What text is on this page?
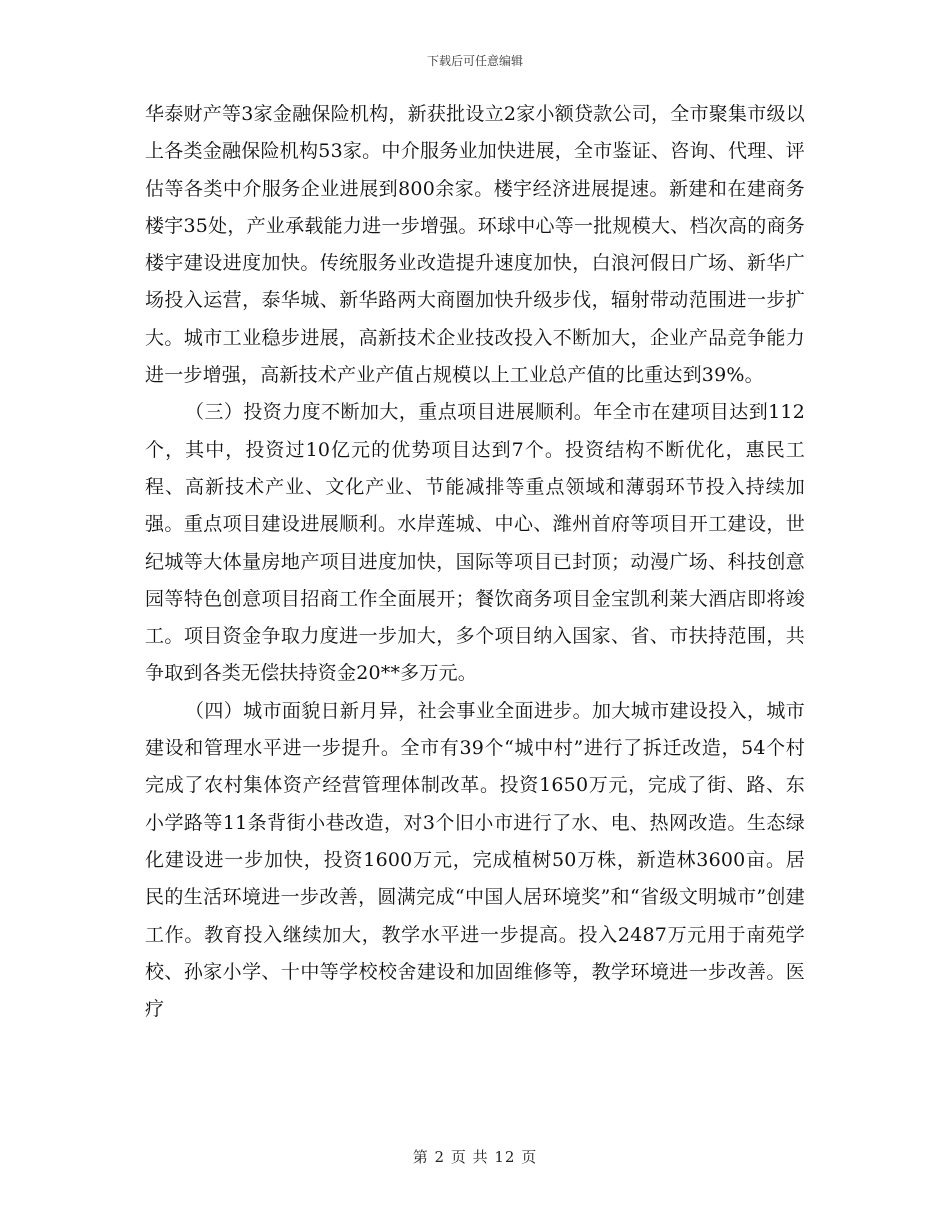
下载后可任意编辑

华泰财产等3家金融保险机构，新获批设立2家小额贷款公司，全市聚集市级以上各类金融保险机构53家。中介服务业加快进展，全市鉴证、咨询、代理、评估等各类中介服务企业进展到800余家。楼宇经济进展提速。新建和在建商务楼宇35处，产业承载能力进一步增强。环球中心等一批规模大、档次高的商务楼宇建设进度加快。传统服务业改造提升速度加快，白浪河假日广场、新华广场投入运营，泰华城、新华路两大商圈加快升级步伐，辐射带动范围进一步扩大。城市工业稳步进展，高新技术企业技改投入不断加大，企业产品竞争能力进一步增强，高新技术产业产值占规模以上工业总产值的比重达到39%。

（三）投资力度不断加大，重点项目进展顺利。年全市在建项目达到112个，其中，投资过10亿元的优势项目达到7个。投资结构不断优化，惠民工程、高新技术产业、文化产业、节能减排等重点领域和薄弱环节投入持续加强。重点项目建设进展顺利。水岸莲城、中心、潍州首府等项目开工建设，世纪城等大体量房地产项目进度加快，国际等项目已封顶；动漫广场、科技创意园等特色创意项目招商工作全面展开；餐饮商务项目金宝凯利莱大酒店即将竣工。项目资金争取力度进一步加大，多个项目纳入国家、省、市扶持范围，共争取到各类无偿扶持资金20**多万元。

（四）城市面貌日新月异，社会事业全面进步。加大城市建设投入，城市建设和管理水平进一步提升。全市有39个“城中村”进行了拆迁改造，54个村完成了农村集体资产经营管理体制改革。投资1650万元，完成了街、路、东小学路等11条背街小巷改造，对3个旧小市进行了水、电、热网改造。生态绿化建设进一步加快，投资1600万元，完成植树50万株，新造林3600亩。居民的生活环境进一步改善，圆满完成“中国人居环境奖”和“省级文明城市”创建工作。教育投入继续加大，教学水平进一步提高。投入2487万元用于南苑学校、孙家小学、十中等学校校舍建设和加固维修等，教学环境进一步改善。医疗

第 2 页 共 12 页
